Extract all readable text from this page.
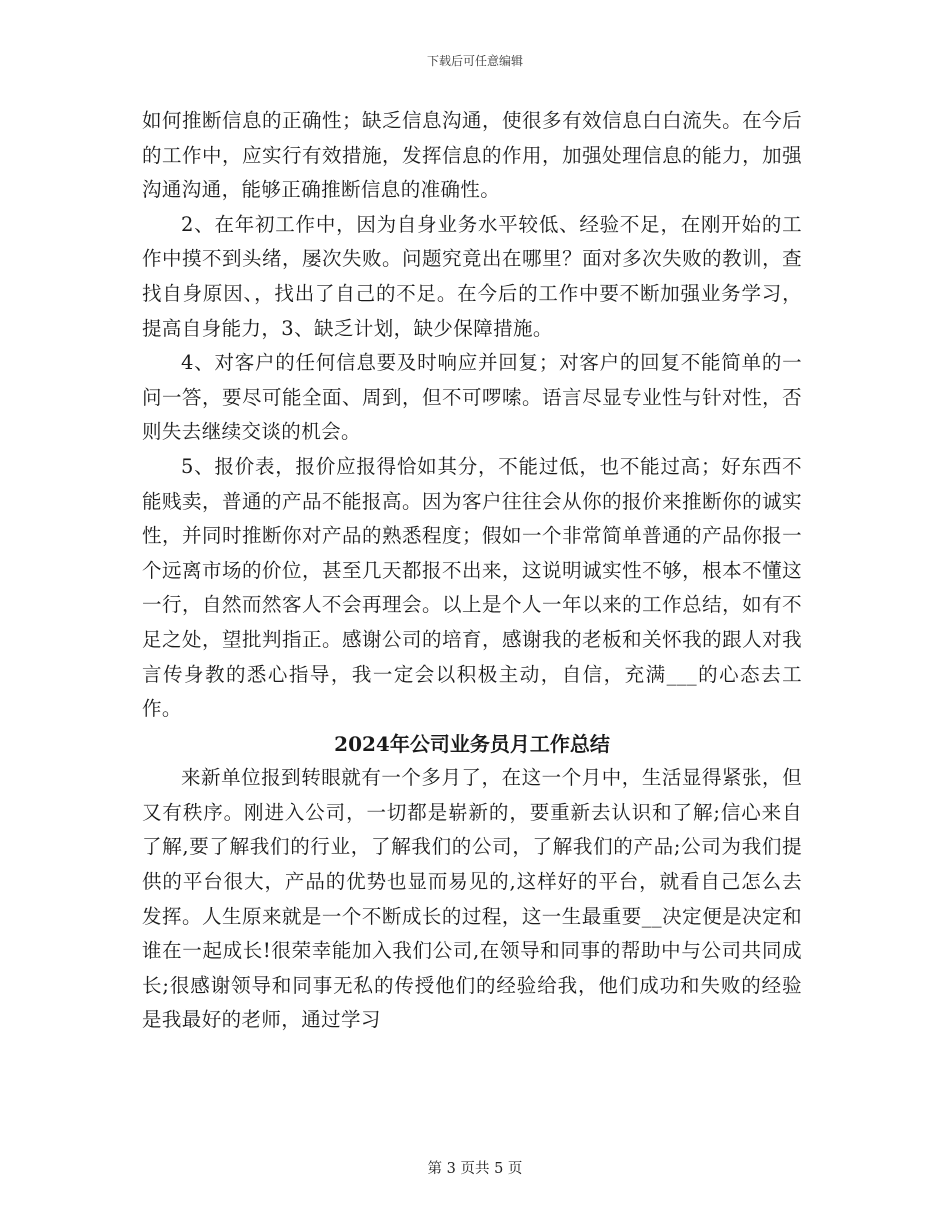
下载后可任意编辑

如何推断信息的正确性；缺乏信息沟通，使很多有效信息白白流失。在今后的工作中，应实行有效措施，发挥信息的作用，加强处理信息的能力，加强沟通沟通，能够正确推断信息的准确性。

2、在年初工作中，因为自身业务水平较低、经验不足，在刚开始的工作中摸不到头绪，屡次失败。问题究竟出在哪里？面对多次失败的教训，查找自身原因、，找出了自己的不足。在今后的工作中要不断加强业务学习，提高自身能力，3、缺乏计划，缺少保障措施。

4、对客户的任何信息要及时响应并回复；对客户的回复不能简单的一问一答，要尽可能全面、周到，但不可啰嗦。语言尽显专业性与针对性，否则失去继续交谈的机会。

5、报价表，报价应报得恰如其分，不能过低，也不能过高；好东西不能贱卖，普通的产品不能报高。因为客户往往会从你的报价来推断你的诚实性，并同时推断你对产品的熟悉程度；假如一个非常简单普通的产品你报一个远离市场的价位，甚至几天都报不出来，这说明诚实性不够，根本不懂这一行，自然而然客人不会再理会。以上是个人一年以来的工作总结，如有不足之处，望批判指正。感谢公司的培育，感谢我的老板和关怀我的跟人对我言传身教的悉心指导，我一定会以积极主动，自信，充满___的心态去工作。

2024年公司业务员月工作总结

来新单位报到转眼就有一个多月了，在这一个月中，生活显得紧张，但又有秩序。刚进入公司，一切都是崭新的，要重新去认识和了解;信心来自了解,要了解我们的行业，了解我们的公司，了解我们的产品;公司为我们提供的平台很大，产品的优势也显而易见的,这样好的平台，就看自己怎么去发挥。人生原来就是一个不断成长的过程，这一生最重要__决定便是决定和谁在一起成长!很荣幸能加入我们公司,在领导和同事的帮助中与公司共同成长;很感谢领导和同事无私的传授他们的经验给我，他们成功和失败的经验是我最好的老师，通过学习

第 3 页共 5 页
